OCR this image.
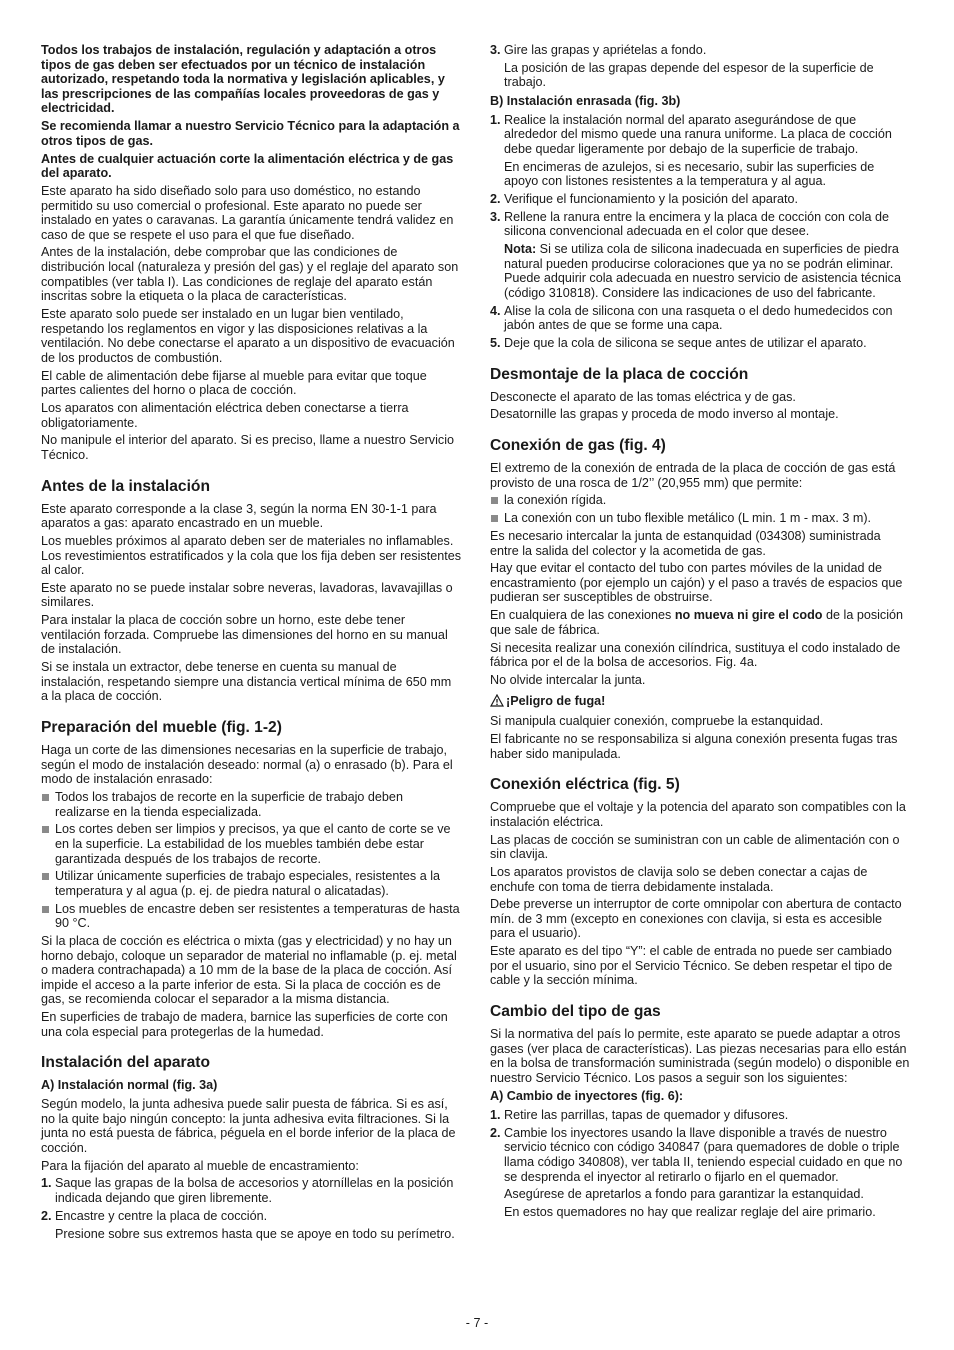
Todos los trabajos de instalación, regulación y adaptación a otros tipos de gas deben ser efectuados por un técnico de instalación autorizado, respetando toda la normativa y legislación aplicables, y las prescripciones de las compañías locales proveedoras de gas y electricidad.

Se recomienda llamar a nuestro Servicio Técnico para la adaptación a otros tipos de gas.

Antes de cualquier actuación corte la alimentación eléctrica y de gas del aparato.

Este aparato ha sido diseñado solo para uso doméstico, no estando permitido su uso comercial o profesional. Este aparato no puede ser instalado en yates o caravanas. La garantía únicamente tendrá validez en caso de que se respete el uso para el que fue diseñado.

Antes de la instalación, debe comprobar que las condiciones de distribución local (naturaleza y presión del gas) y el reglaje del aparato son compatibles (ver tabla I). Las condiciones de reglaje del aparato están inscritas sobre la etiqueta o la placa de características.

Este aparato solo puede ser instalado en un lugar bien ventilado, respetando los reglamentos en vigor y las disposiciones relativas a la ventilación. No debe conectarse el aparato a un dispositivo de evacuación de los productos de combustión.

El cable de alimentación debe fijarse al mueble para evitar que toque partes calientes del horno o placa de cocción.

Los aparatos con alimentación eléctrica deben conectarse a tierra obligatoriamente.

No manipule el interior del aparato. Si es preciso, llame a nuestro Servicio Técnico.

Antes de la instalación

Este aparato corresponde a la clase 3, según la norma EN 30-1-1 para aparatos a gas: aparato encastrado en un mueble.

Los muebles próximos al aparato deben ser de materiales no inflamables. Los revestimientos estratificados y la cola que los fija deben ser resistentes al calor.

Este aparato no se puede instalar sobre neveras, lavadoras, lavavajillas o similares.

Para instalar la placa de cocción sobre un horno, este debe tener ventilación forzada. Compruebe las dimensiones del horno en su manual de instalación.

Si se instala un extractor, debe tenerse en cuenta su manual de instalación, respetando siempre una distancia vertical mínima de 650 mm a la placa de cocción.

Preparación del mueble (fig. 1-2)

Haga un corte de las dimensiones necesarias en la superficie de trabajo, según el modo de instalación deseado: normal (a) o enrasado (b). Para el modo de instalación enrasado:

Todos los trabajos de recorte en la superficie de trabajo deben realizarse en la tienda especializada.
Los cortes deben ser limpios y precisos, ya que el canto de corte se ve en la superficie. La estabilidad de los muebles también debe estar garantizada después de los trabajos de recorte.
Utilizar únicamente superficies de trabajo especiales, resistentes a la temperatura y al agua (p. ej. de piedra natural o alicatadas).
Los muebles de encastre deben ser resistentes a temperaturas de hasta 90 °C.

Si la placa de cocción es eléctrica o mixta (gas y electricidad) y no hay un horno debajo, coloque un separador de material no inflamable (p. ej. metal o madera contrachapada) a 10 mm de la base de la placa de cocción. Así impide el acceso a la parte inferior de esta. Si la placa de cocción es de gas, se recomienda colocar el separador a la misma distancia.

En superficies de trabajo de madera, barnice las superficies de corte con una cola especial para protegerlas de la humedad.

Instalación del aparato
A) Instalación normal (fig. 3a)

Según modelo, la junta adhesiva puede salir puesta de fábrica. Si es así, no la quite bajo ningún concepto: la junta adhesiva evita filtraciones. Si la junta no está puesta de fábrica, péguela en el borde inferior de la placa de cocción.

Para la fijación del aparato al mueble de encastramiento:

1. Saque las grapas de la bolsa de accesorios y atorníllelas en la posición indicada dejando que giren libremente.
2. Encastre y centre la placa de cocción.

Presione sobre sus extremos hasta que se apoye en todo su perímetro.

3. Gire las grapas y apriételas a fondo.

La posición de las grapas depende del espesor de la superficie de trabajo.

B) Instalación enrasada (fig. 3b)
1. Realice la instalación normal del aparato asegurándose de que alrededor del mismo quede una ranura uniforme. La placa de cocción debe quedar ligeramente por debajo de la superficie de trabajo.

En encimeras de azulejos, si es necesario, subir las superficies de apoyo con listones resistentes a la temperatura y al agua.

2. Verifique el funcionamiento y la posición del aparato.
3. Rellene la ranura entre la encimera y la placa de cocción con cola de silicona convencional adecuada en el color que desee.

Nota: Si se utiliza cola de silicona inadecuada en superficies de piedra natural pueden producirse coloraciones que ya no se podrán eliminar. Puede adquirir cola adecuada en nuestro servicio de asistencia técnica (código 310818). Considere las indicaciones de uso del fabricante.

4. Alise la cola de silicona con una rasqueta o el dedo humedecidos con jabón antes de que se forme una capa.
5. Deje que la cola de silicona se seque antes de utilizar el aparato.
Desmontaje de la placa de cocción

Desconecte el aparato de las tomas eléctrica y de gas.

Desatornille las grapas y proceda de modo inverso al montaje.

Conexión de gas (fig. 4)

El extremo de la conexión de entrada de la placa de cocción de gas está provisto de una rosca de 1/2’’ (20,955 mm) que permite:

la conexión rígida.
La conexión con un tubo flexible metálico (L min. 1 m - max. 3 m).

Es necesario intercalar la junta de estanquidad (034308) suministrada entre la salida del colector y la acometida de gas.

Hay que evitar el contacto del tubo con partes móviles de la unidad de encastramiento (por ejemplo un cajón) y el paso a través de espacios que pudieran ser susceptibles de obstruirse.

En cualquiera de las conexiones no mueva ni gire el codo de la posición que sale de fábrica.

Si necesita realizar una conexión cilíndrica, sustituya el codo instalado de fábrica por el de la bolsa de accesorios. Fig. 4a.

No olvide intercalar la junta.

¡Peligro de fuga!

Si manipula cualquier conexión, compruebe la estanquidad.

El fabricante no se responsabiliza si alguna conexión presenta fugas tras haber sido manipulada.

Conexión eléctrica (fig. 5)

Compruebe que el voltaje y la potencia del aparato son compatibles con la instalación eléctrica.

Las placas de cocción se suministran con un cable de alimentación con o sin clavija.

Los aparatos provistos de clavija solo se deben conectar a cajas de enchufe con toma de tierra debidamente instalada.

Debe preverse un interruptor de corte omnipolar con abertura de contacto mín. de 3 mm (excepto en conexiones con clavija, si esta es accesible para el usuario).

Este aparato es del tipo “Y”: el cable de entrada no puede ser cambiado por el usuario, sino por el Servicio Técnico. Se deben respetar el tipo de cable y la sección mínima.

Cambio del tipo de gas

Si la normativa del país lo permite, este aparato se puede adaptar a otros gases (ver placa de características). Las piezas necesarias para ello están en la bolsa de transformación suministrada (según modelo) o disponible en nuestro Servicio Técnico. Los pasos a seguir son los siguientes:

A) Cambio de inyectores (fig. 6):
1. Retire las parrillas, tapas de quemador y difusores.
2. Cambie los inyectores usando la llave disponible a través de nuestro servicio técnico con código 340847 (para quemadores de doble o triple llama código 340808), ver tabla II, teniendo especial cuidado en que no se desprenda el inyector al retirarlo o fijarlo en el quemador.

Asegúrese de apretarlos a fondo para garantizar la estanquidad.

En estos quemadores no hay que realizar reglaje del aire primario.

- 7 -
